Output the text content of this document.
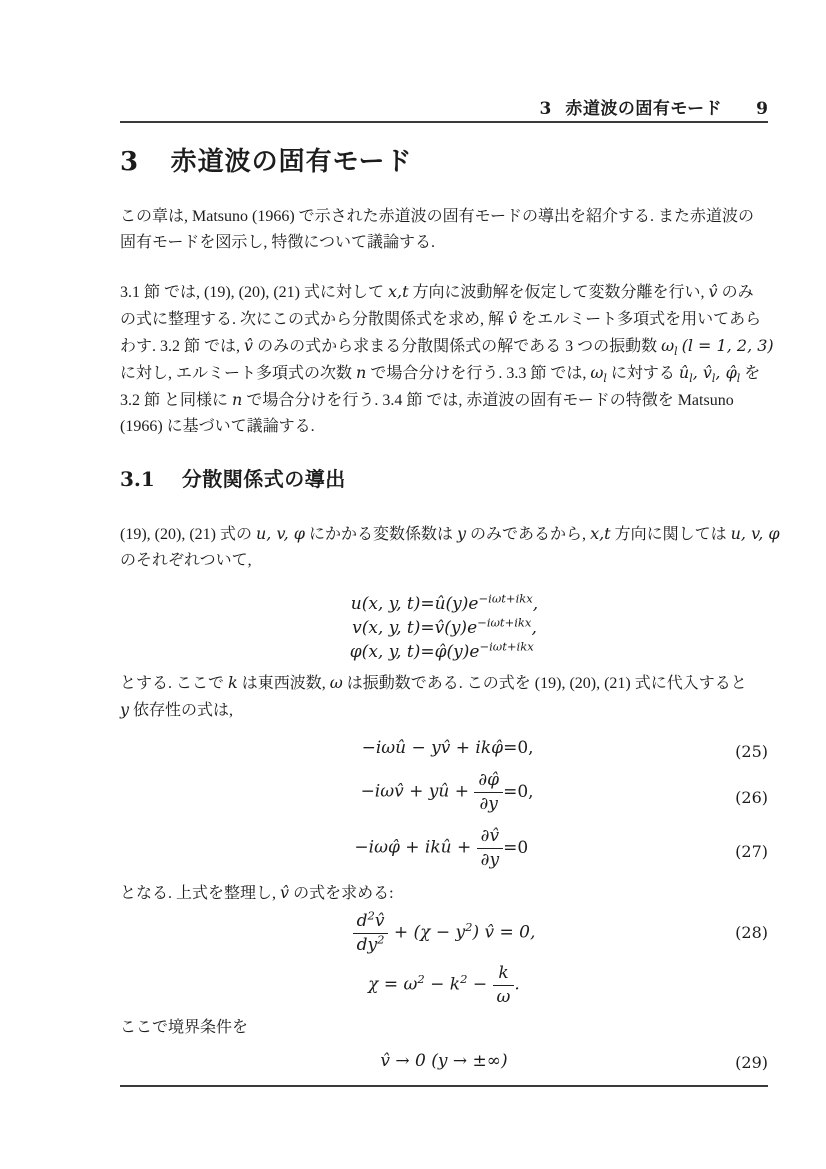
3 赤道波の固有モード 9
3 赤道波の固有モード

この章は, Matsuno (1966) で示された赤道波の固有モードの導出を紹介する. また赤道波の
固有モードを図示し, 特徴について議論する.

3.1 節 では, (19), (20), (21) 式に対して x,t 方向に波動解を仮定して変数分離を行い, v̂ のみ
の式に整理する. 次にこの式から分散関係式を求め, 解 v̂ をエルミート多項式を用いてあら
わす. 3.2 節 では, v̂ のみの式から求まる分散関係式の解である 3 つの振動数 $\omega_l$ (l = 1, 2, 3)
に対し, エルミート多項式の次数 n で場合分けを行う. 3.3 節 では, $\omega_l$ に対する $û_l$, $v̂_l$, $\varphî_l$ を
3.2 節 と同様に n で場合分けを行う. 3.4 節 では, 赤道波の固有モードの特徴を Matsuno
(1966) に基づいて議論する.

3.1 分散関係式の導出

(19), (20), (21) 式の u, v, φ にかかる変数係数は y のみであるから, x,t 方向に関しては u, v, φ
のそれぞれついて,

u(x, y, $t) = û(y)e^{-i\omega t+ikx}$,
v(x, y, $t) = v̂(y)e^{-i\omega t+ikx}$,
φ(x, y, $t) = \varphî(y)e^{-i\omega t+ikx}$

とする. ここで k は東西波数, ω は振動数である. この式を (19), (20), (21) 式に代入すると
y 依存性の式は,

−iωû − yv̂ + ikφ̂ = 0,
−iωv̂ + yû + $\frac{\partial\varphî}{\partial y} = 0$,
−iωφ̂ + ikû + $\frac{\partial v̂}{\partial y} = 0$
(25)
(26)
(27)

となる. 上式を整理し, v̂ の式を求める:

$\frac{d^2v̂}{dy^2} + (\chi - y^2)$ v̂ = 0,	(28)
$\chi = \omega^2 - k^2 - \frac{k}{\omega}$ .

ここで境界条件を

v̂ → 0 (y → ±∞)	(29)
